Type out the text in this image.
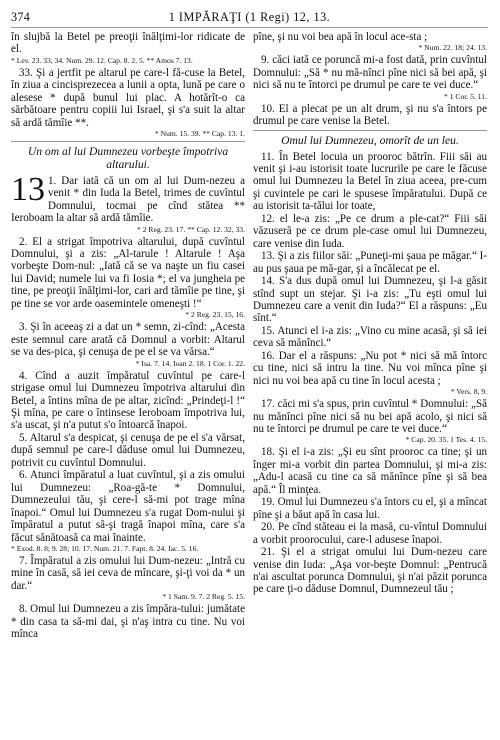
374	1 IMPĂRAŢI (1 Regi) 12, 13.

în slujbă la Betel pe preoţii înălţimi-lor ridicate de el.

* Lev. 23. 33, 34. Num. 29. 12. Cap. 8. 2, 5. ** Amos 7. 13.

33. Şi a jertfit pe altarul pe care-l fă-cuse la Betel, în ziua a cincisprezecea a lunii a opta, lună pe care o alesese * după bunul lui plac. A hotărît-o ca sărbătoare pentru copiii lui Israel, şi s'a suit la altar să ardă tămîie **.

* Num. 15. 39. ** Cap. 13. 1.

Un om al lui Dumnezeu vorbeşte împotriva altarului.

13 1. Dar iată că un om al lui Dum-nezeu a venit * din Iuda la Betel, trimes de cuvîntul Domnului, tocmai pe cînd stătea ** Ieroboam la altar să ardă tămîie.

* 2 Reg. 23. 17. ** Cap. 12. 32, 33.

2. El a strigat împotriva altarului, după cuvîntul Domnului, şi a zis: „Al-tarule ! Altarule ! Aşa vorbeşte Dom-nul: „Iată că se va naşte un fiu casei lui David; numele lui va fi Iosia *; el va jungheia pe tine, pe preoţii înălţimi-lor, cari ard tămîie pe tine, şi pe tine se vor arde oasemintele omeneşti !“

* 2 Reg. 23. 15, 16.

3. Şi în aceeaş zi a dat un * semn, zi-cînd: „Acesta este semnul care arată că Domnul a vorbit: Altarul se va des-pica, şi cenuşa de pe el se va vărsa.“

* Isa. 7. 14. Ioan 2. 18. 1 Cor. 1. 22.

4. Cînd a auzit împăratul cuvîntul pe care-l strigase omul lui Dumnezeu împotriva altarului din Betel, a întins mîna de pe altar, zicînd: „Prindeţi-l !“ Şi mîna, pe care o întinsese Ieroboam împotriva lui, s'a uscat, şi n'a putut s'o întoarcă înapoi.

5. Altarul s'a despicat, şi cenuşa de pe el s'a vărsat, după semnul pe care-l dăduse omul lui Dumnezeu, potrivit cu cuvîntul Domnului.

6. Atunci împăratul a luat cuvîntul, şi a zis omului lui Dumnezeu: „Roa-gă-te * Domnului, Dumnezeului tău, şi cere-l să-mi pot trage mîna înapoi.“ Omul lui Dumnezeu s'a rugat Dom-nului şi împăratul a putut să-şi tragă înapoi mîna, care s'a făcut sănătoasă ca mai înainte.

* Exod. 8. 8; 9. 28; 10. 17. Num. 21. 7. Fapt. 8. 24. Iac. 5. 16.

7. Împăratul a zis omului lui Dum-nezeu: „Intră cu mine în casă, să iei ceva de mîncare, şi-ţi voi da * un dar.“

* 1 Sam. 9. 7. 2 Reg. 5. 15.

8. Omul lui Dumnezeu a zis împăra-tului: jumătate * din casa ta să-mi dai, şi n'aş intra cu tine. Nu voi mînca

pîne, şi nu voi bea apă în locul ace-sta ;

* Num. 22. 18; 24. 13.

9. căci iată ce poruncă mi-a fost dată, prin cuvîntul Domnului: „Să * nu mă-nînci pîne nici să bei apă, şi nici să nu te întorci pe drumul pe care te vei duce.“

* 1 Cor. 5. 11.

10. El a plecat pe un alt drum, şi nu s'a întors pe drumul pe care venise la Betel.

Omul lui Dumnezeu, omorît de un leu.

11. În Betel locuia un prooroc bătrîn. Fiii săi au venit şi i-au istorisit toate lucrurile pe care le făcuse omul lui Dumnezeu la Betel în ziua aceea, pre-cum şi cuvintele pe cari le spusese împăratului. După ce au istorisit ta-tălui lor toate,

12. el le-a zis: „Pe ce drum a ple-cat?“ Fiii săi văzuseră pe ce drum ple-case omul lui Dumnezeu, care venise din Iuda.

13. Şi a zis fiilor săi: „Puneţi-mi şaua pe măgar.“ I-au pus şaua pe mă-gar, şi a încălecat pe el.

14. S'a dus după omul lui Dumnezeu, şi l-a găsit stînd supt un stejar. Şi i-a zis: „Tu eşti omul lui Dumnezeu care a venit din Iuda?“ El a răspuns: „Eu sînt.“

15. Atunci el i-a zis: „Vino cu mine acasă, şi să iei ceva să mănînci.“

16. Dar el a răspuns: „Nu pot * nici să mă întorc cu tine, nici să intru la tine. Nu voi mînca pîne şi nici nu voi bea apă cu tine în locul acesta ;

* Vers. 8, 9.

17. căci mi s'a spus, prin cuvîntul * Domnului: „Să nu mănînci pîne nici să nu bei apă acolo, şi nici să nu te întorci pe drumul pe care te vei duce.“

* Cap. 20. 35. 1 Tes. 4. 15.

18. Şi el i-a zis: „Şi eu sînt prooroc ca tine; şi un înger mi-a vorbit din partea Domnului, şi mi-a zis: „Adu-l acasă cu tine ca să mănînce pîne şi să bea apă.“ Îl minţea.

19. Omul lui Dumnezeu s'a întors cu el, şi a mîncat pîne şi a băut apă în casa lui.

20. Pe cînd stăteau ei la masă, cu-vîntul Domnului a vorbit proorocului, care-l adusese înapoi.

21. Şi el a strigat omului lui Dum-nezeu care venise din Iuda: „Aşa vor-beşte Domnul: „Pentrucă n'ai ascultat porunca Domnului, şi n'ai păzit porunca pe care ţi-o dăduse Domnul, Dumnezeul tău ;
